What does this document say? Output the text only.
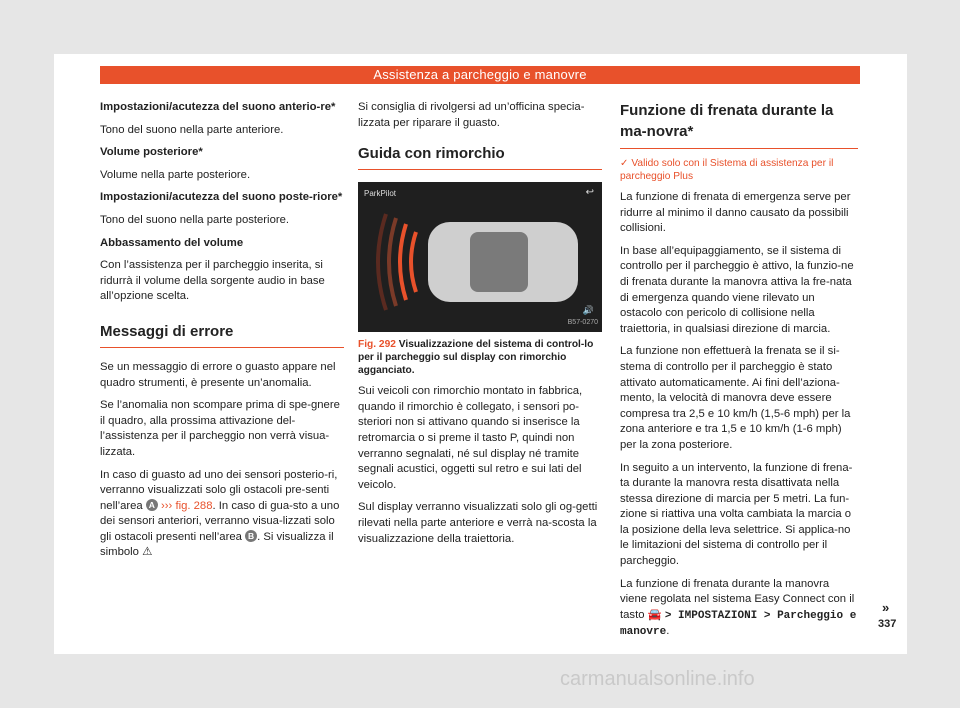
Assistenza a parcheggio e manovre

Impostazioni/acutezza del suono anterio-re*

Tono del suono nella parte anteriore.

Volume posteriore*

Volume nella parte posteriore.

Impostazioni/acutezza del suono poste-riore*

Tono del suono nella parte posteriore.

Abbassamento del volume

Con l’assistenza per il parcheggio inserita, si ridurrà il volume della sorgente audio in base all’opzione scelta.

Messaggi di errore

Se un messaggio di errore o guasto appare nel quadro strumenti, è presente un’anomalia.

Se l’anomalia non scompare prima di spe-gnere il quadro, alla prossima attivazione del-l’assistenza per il parcheggio non verrà visua-lizzata.

In caso di guasto ad uno dei sensori posterio-ri, verranno visualizzati solo gli ostacoli pre-senti nell’area A ››› fig. 288. In caso di gua-sto a uno dei sensori anteriori, verranno visua-lizzati solo gli ostacoli presenti nell’area B . Si visualizza il simbolo ⚠

Si consiglia di rivolgersi ad un’officina specia-lizzata per riparare il guasto.

Guida con rimorchio
ParkPilot	↩
🔊
B57-0270

Fig. 292 Visualizzazione del sistema di control-lo per il parcheggio sul display con rimorchio agganciato.

Sui veicoli con rimorchio montato in fabbrica, quando il rimorchio è collegato, i sensori po-steriori non si attivano quando si inserisce la retromarcia o si preme il tasto P, quindi non verranno segnalati, né sul display né tramite segnali acustici, oggetti sul retro e sui lati del veicolo.

Sul display verranno visualizzati solo gli og-getti rilevati nella parte anteriore e verrà na-scosta la visualizzazione della traiettoria.

Funzione di frenata durante la ma-novra*

✓ Valido solo con il Sistema di assistenza per il parcheggio Plus

La funzione di frenata di emergenza serve per ridurre al minimo il danno causato da possibili collisioni.

In base all’equipaggiamento, se il sistema di controllo per il parcheggio è attivo, la funzio-ne di frenata durante la manovra attiva la fre-nata di emergenza quando viene rilevato un ostacolo con pericolo di collisione nella traiettoria, in qualsiasi direzione di marcia.

La funzione non effettuerà la frenata se il si-stema di controllo per il parcheggio è stato attivato automaticamente. Ai fini dell’aziona-mento, la velocità di manovra deve essere compresa tra 2,5 e 10 km/h (1,5-6 mph) per la zona anteriore e tra 1,5 e 10 km/h (1-6 mph) per la zona posteriore.

In seguito a un intervento, la funzione di frena-ta durante la manovra resta disattivata nella stessa direzione di marcia per 5 metri. La fun-zione si riattiva una volta cambiata la marcia o la posizione della leva selettrice. Si applica-no le limitazioni del sistema di controllo per il parcheggio.

La funzione di frenata durante la manovra viene regolata nel sistema Easy Connect con il tasto 🚘 > IMPOSTAZIONI > Parcheggio e manovre.

»
337
carmanualsonline.info
